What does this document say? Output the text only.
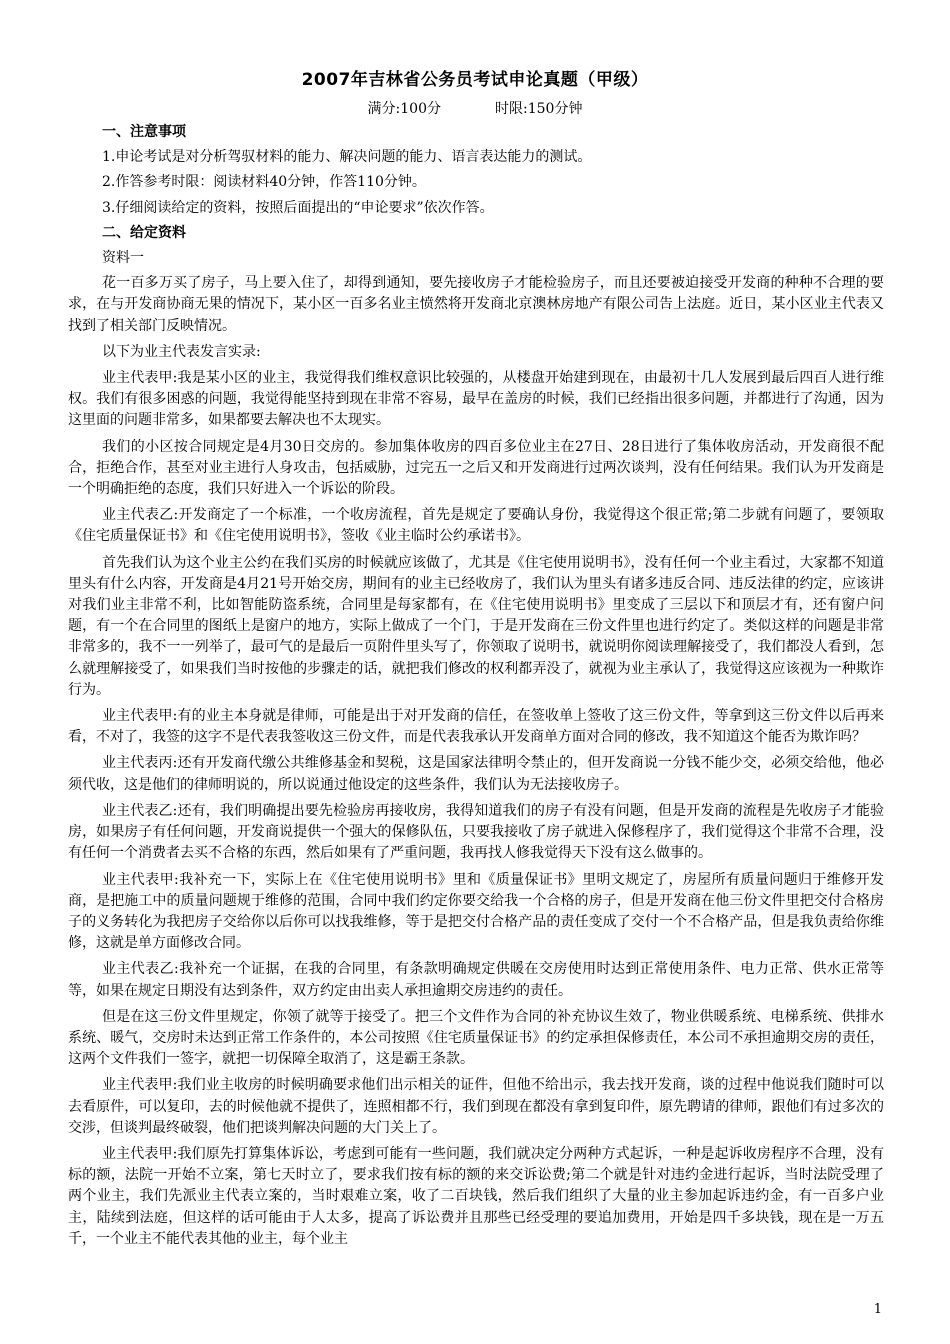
2007年吉林省公务员考试申论真题（甲级）
满分:100分	时限:150分钟
一、注意事项
1.申论考试是对分析驾驭材料的能力、解决问题的能力、语言表达能力的测试。
2.作答参考时限：阅读材料40分钟，作答110分钟。
3.仔细阅读给定的资料，按照后面提出的“申论要求”依次作答。
二、给定资料
资料一

花一百多万买了房子，马上要入住了，却得到通知，要先接收房子才能检验房子，而且还要被迫接受开发商的种种不合理的要求，在与开发商协商无果的情况下，某小区一百多名业主愤然将开发商北京澳林房地产有限公司告上法庭。近日，某小区业主代表又找到了相关部门反映情况。

以下为业主代表发言实录:

业主代表甲:我是某小区的业主，我觉得我们维权意识比较强的，从楼盘开始建到现在，由最初十几人发展到最后四百人进行维权。我们有很多困惑的问题，我觉得能坚持到现在非常不容易，最早在盖房的时候，我们已经指出很多问题，并都进行了沟通，因为这里面的问题非常多，如果都要去解决也不太现实。

我们的小区按合同规定是4月30日交房的。参加集体收房的四百多位业主在27日、28日进行了集体收房活动，开发商很不配合，拒绝合作，甚至对业主进行人身攻击，包括威胁，过完五一之后又和开发商进行过两次谈判，没有任何结果。我们认为开发商是一个明确拒绝的态度，我们只好进入一个诉讼的阶段。

业主代表乙:开发商定了一个标准，一个收房流程，首先是规定了要确认身份，我觉得这个很正常;第二步就有问题了，要领取《住宅质量保证书》和《住宅使用说明书》，签收《业主临时公约承诺书》。

首先我们认为这个业主公约在我们买房的时候就应该做了，尤其是《住宅使用说明书》，没有任何一个业主看过，大家都不知道里头有什么内容，开发商是4月21号开始交房，期间有的业主已经收房了，我们认为里头有诸多违反合同、违反法律的约定，应该讲对我们业主非常不利，比如智能防盗系统，合同里是每家都有，在《住宅使用说明书》里变成了三层以下和顶层才有，还有窗户问题，有一个在合同里的图纸上是窗户的地方，实际上做成了一个门，于是开发商在三份文件里也进行约定了。类似这样的问题是非常非常多的，我不一一列举了，最可气的是最后一页附件里头写了，你领取了说明书，就说明你阅读理解接受了，我们都没人看到，怎么就理解接受了，如果我们当时按他的步骤走的话，就把我们修改的权利都弄没了，就视为业主承认了，我觉得这应该视为一种欺诈行为。

业主代表甲:有的业主本身就是律师，可能是出于对开发商的信任，在签收单上签收了这三份文件，等拿到这三份文件以后再来看，不对了，我签的这字不是代表我签收这三份文件，而是代表我承认开发商单方面对合同的修改，我不知道这个能否为欺诈吗？

业主代表丙:还有开发商代缴公共维修基金和契税，这是国家法律明令禁止的，但开发商说一分钱不能少交，必须交给他，他必须代收，这是他们的律师明说的，所以说通过他设定的这些条件，我们认为无法接收房子。

业主代表乙:还有，我们明确提出要先检验房再接收房，我得知道我们的房子有没有问题，但是开发商的流程是先收房子才能验房，如果房子有任何问题，开发商说提供一个强大的保修队伍，只要我接收了房子就进入保修程序了，我们觉得这个非常不合理，没有任何一个消费者去买不合格的东西，然后如果有了严重问题，我再找人修我觉得天下没有这么做事的。

业主代表甲:我补充一下，实际上在《住宅使用说明书》里和《质量保证书》里明文规定了，房屋所有质量问题归于维修开发商，是把施工中的质量问题规于维修的范围，合同中我们约定你要交给我一个合格的房子，但是开发商在他三份文件里把交付合格房子的义务转化为我把房子交给你以后你可以找我维修，等于是把交付合格产品的责任变成了交付一个不合格产品，但是我负责给你维修，这就是单方面修改合同。

业主代表乙:我补充一个证据，在我的合同里，有条款明确规定供暖在交房使用时达到正常使用条件、电力正常、供水正常等等，如果在规定日期没有达到条件，双方约定由出卖人承担逾期交房违约的责任。

但是在这三份文件里规定，你领了就等于接受了。把三个文件作为合同的补充协议生效了，物业供暖系统、电梯系统、供排水系统、暖气，交房时未达到正常工作条件的，本公司按照《住宅质量保证书》的约定承担保修责任，本公司不承担逾期交房的责任，这两个文件我们一签字，就把一切保障全取消了，这是霸王条款。

业主代表甲:我们业主收房的时候明确要求他们出示相关的证件，但他不给出示，我去找开发商，谈的过程中他说我们随时可以去看原件，可以复印，去的时候他就不提供了，连照相都不行，我们到现在都没有拿到复印件，原先聘请的律师，跟他们有过多次的交涉，但谈判最终破裂，他们把谈判解决问题的大门关上了。

业主代表甲:我们原先打算集体诉讼，考虑到可能有一些问题，我们就决定分两种方式起诉，一种是起诉收房程序不合理，没有标的额，法院一开始不立案，第七天时立了，要求我们按有标的额的来交诉讼费;第二个就是针对违约金进行起诉，当时法院受理了两个业主，我们先派业主代表立案的，当时艰难立案，收了二百块钱，然后我们组织了大量的业主参加起诉违约金，有一百多户业主，陆续到法庭，但这样的话可能由于人太多，提高了诉讼费并且那些已经受理的要追加费用，开始是四千多块钱，现在是一万五千，一个业主不能代表其他的业主，每个业主

1
